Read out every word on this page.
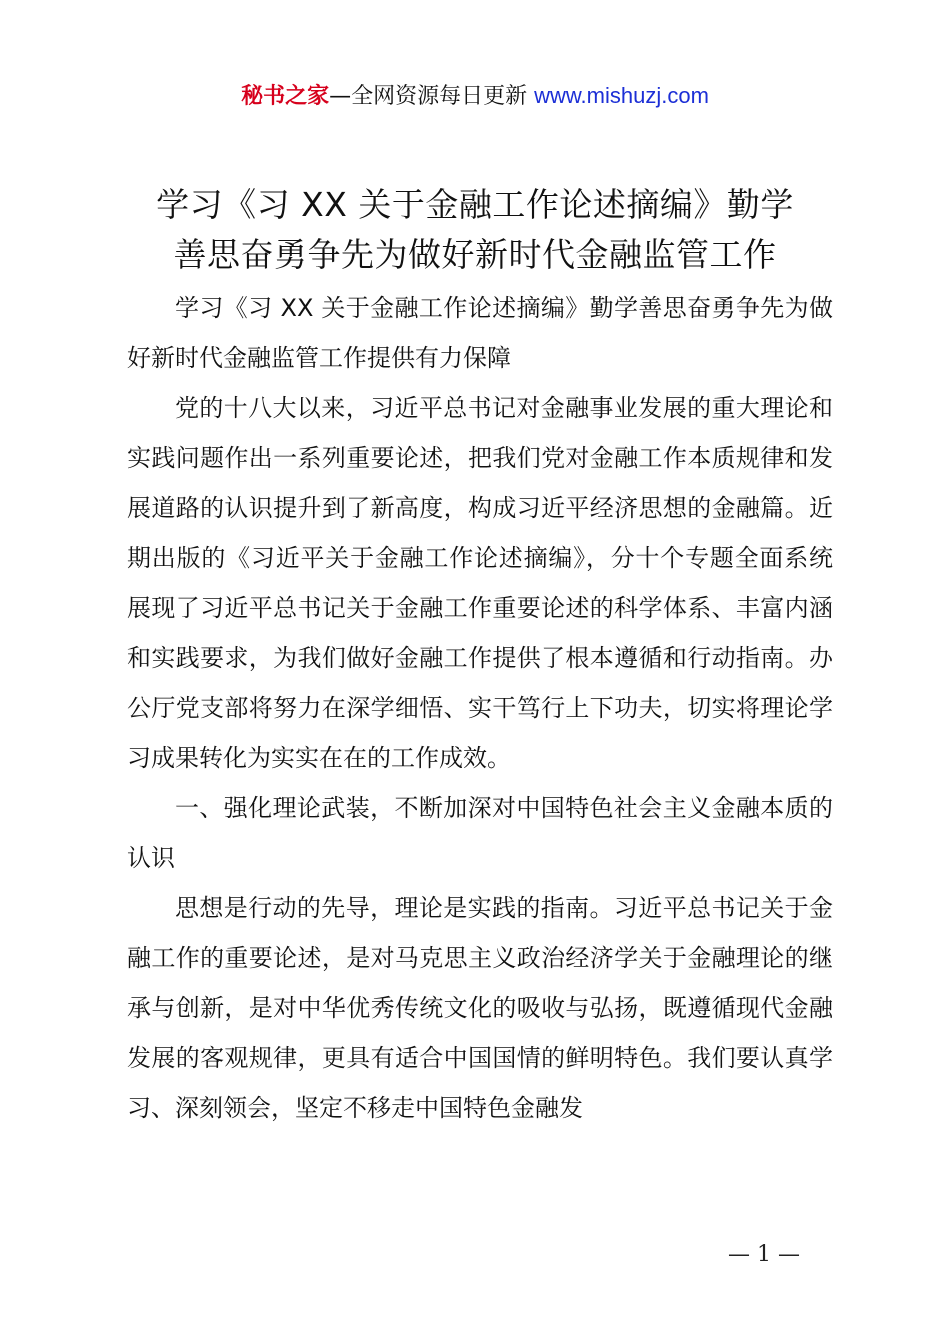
秘书之家—全网资源每日更新 www.mishuzj.com
学习《习 XX 关于金融工作论述摘编》勤学
善思奋勇争先为做好新时代金融监管工作

学习《习 XX 关于金融工作论述摘编》勤学善思奋勇争先为做好新时代金融监管工作提供有力保障

党的十八大以来，习近平总书记对金融事业发展的重大理论和实践问题作出一系列重要论述，把我们党对金融工作本质规律和发展道路的认识提升到了新高度，构成习近平经济思想的金融篇。近期出版的《习近平关于金融工作论述摘编》，分十个专题全面系统展现了习近平总书记关于金融工作重要论述的科学体系、丰富内涵和实践要求，为我们做好金融工作提供了根本遵循和行动指南。办公厅党支部将努力在深学细悟、实干笃行上下功夫，切实将理论学习成果转化为实实在在的工作成效。

一、强化理论武装，不断加深对中国特色社会主义金融本质的认识

思想是行动的先导，理论是实践的指南。习近平总书记关于金融工作的重要论述，是对马克思主义政治经济学关于金融理论的继承与创新，是对中华优秀传统文化的吸收与弘扬，既遵循现代金融发展的客观规律，更具有适合中国国情的鲜明特色。我们要认真学习、深刻领会，坚定不移走中国特色金融发

— 1 —
